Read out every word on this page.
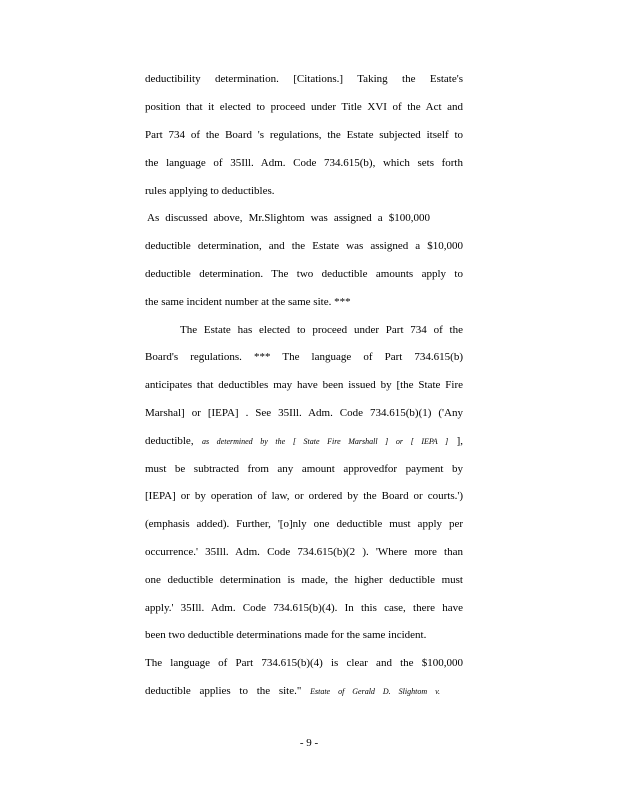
deductibility determination. [Citations.] Taking the Estate's
position that it elected to proceed under Title XVI of the Act and
Part 734 of the Board 's regulations, the Estate subjected itself to
the language of 35Ill. Adm. Code 734.615(b), which sets forth
rules applying to deductibles.
As discussed above, Mr.Slightom was assigned a $100,000
deductible determination, and the Estate was assigned a $10,000
deductible determination. The two deductible amounts apply to
the same incident number at the same site. ***
The Estate has elected to proceed under Part 734 of the
Board's regulations. *** The language of Part 734.615(b)
anticipates that deductibles may have been issued by [the State Fire
Marshal] or [IEPA] . See 35Ill. Adm. Code 734.615(b)(1) ('Any
deductible, as determined by the [ State Fire Marshall ] or [ IEPA ] ],
must be subtracted from any amount approvedfor payment by
[IEPA] or by operation of law, or ordered by the Board or courts.')
(emphasis added). Further, '[o]nly one deductible must apply per
occurrence.' 35Ill. Adm. Code 734.615(b)(2 ). 'Where more than
one deductible determination is made, the higher deductible must
apply.' 35Ill. Adm. Code 734.615(b)(4). In this case, there have
been two deductible determinations made for the same incident.
The language of Part 734.615(b)(4) is clear and the $100,000
deductible applies to the site." Estate of Gerald D. Slightom v.
- 9 -
